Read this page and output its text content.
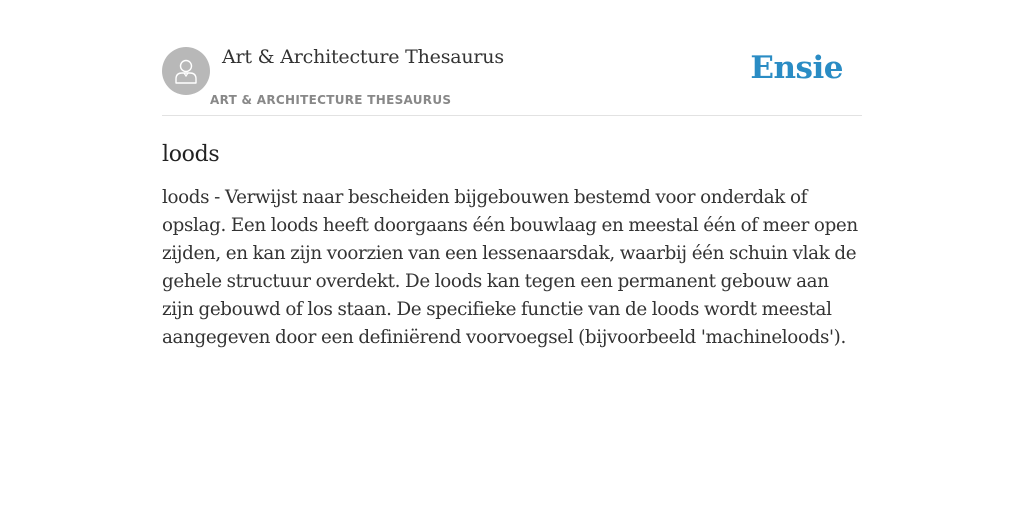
Art & Architecture Thesaurus
ART & ARCHITECTURE THESAURUS
Ensie
loods
loods - Verwijst naar bescheiden bijgebouwen bestemd voor onderdak of opslag. Een loods heeft doorgaans één bouwlaag en meestal één of meer open zijden, en kan zijn voorzien van een lessenaarsdak, waarbij één schuin vlak de gehele structuur overdekt. De loods kan tegen een permanent gebouw aan zijn gebouwd of los staan. De specifieke functie van de loods wordt meestal aangegeven door een definiërend voorvoegsel (bijvoorbeeld 'machineloods').
